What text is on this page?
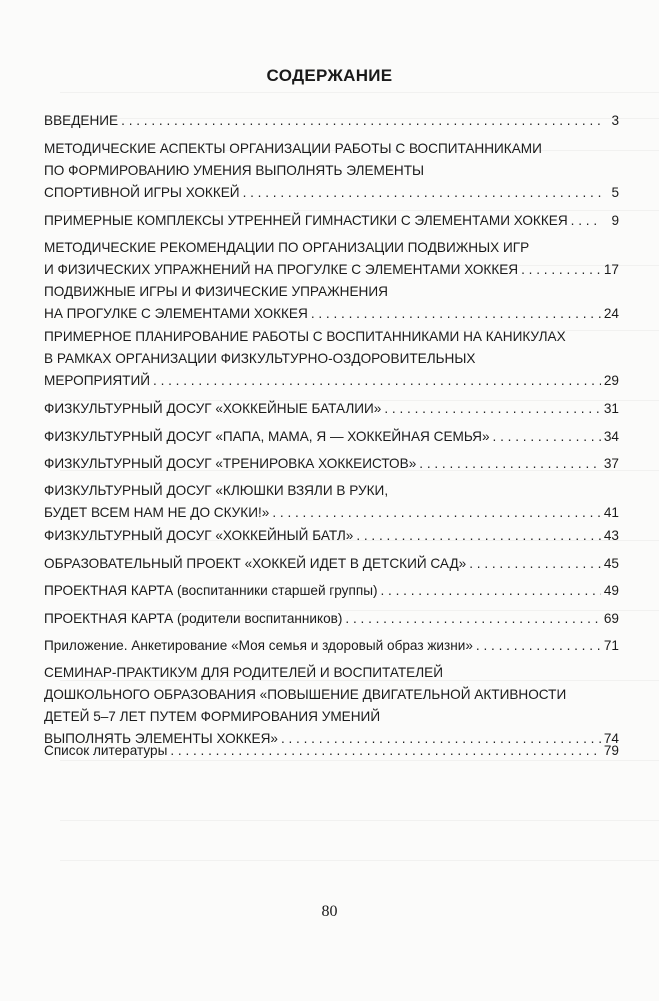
СОДЕРЖАНИЕ
ВВЕДЕНИЕ . . .	3
МЕТОДИЧЕСКИЕ АСПЕКТЫ ОРГАНИЗАЦИИ РАБОТЫ С ВОСПИТАННИКАМИ
ПО ФОРМИРОВАНИЮ УМЕНИЯ ВЫПОЛНЯТЬ ЭЛЕМЕНТЫ
СПОРТИВНОЙ ИГРЫ ХОККЕЙ . . .	5
ПРИМЕРНЫЕ КОМПЛЕКСЫ УТРЕННЕЙ ГИМНАСТИКИ С ЭЛЕМЕНТАМИ ХОККЕЯ . . .	9
МЕТОДИЧЕСКИЕ РЕКОМЕНДАЦИИ ПО ОРГАНИЗАЦИИ ПОДВИЖНЫХ ИГР
И ФИЗИЧЕСКИХ УПРАЖНЕНИЙ НА ПРОГУЛКЕ С ЭЛЕМЕНТАМИ ХОККЕЯ . . .	17
ПОДВИЖНЫЕ ИГРЫ И ФИЗИЧЕСКИЕ УПРАЖНЕНИЯ
НА ПРОГУЛКЕ С ЭЛЕМЕНТАМИ ХОККЕЯ . . .	24
ПРИМЕРНОЕ ПЛАНИРОВАНИЕ РАБОТЫ С ВОСПИТАННИКАМИ НА КАНИКУЛАХ
В РАМКАХ ОРГАНИЗАЦИИ ФИЗКУЛЬТУРНО-ОЗДОРОВИТЕЛЬНЫХ
МЕРОПРИЯТИЙ . . .	29
ФИЗКУЛЬТУРНЫЙ ДОСУГ «ХОККЕЙНЫЕ БАТАЛИИ» . . .	31
ФИЗКУЛЬТУРНЫЙ ДОСУГ «ПАПА, МАМА, Я — ХОККЕЙНАЯ СЕМЬЯ» . . .	34
ФИЗКУЛЬТУРНЫЙ ДОСУГ «ТРЕНИРОВКА ХОККЕИСТОВ» . . .	37
ФИЗКУЛЬТУРНЫЙ ДОСУГ «КЛЮШКИ ВЗЯЛИ В РУКИ,
БУДЕТ ВСЕМ НАМ НЕ ДО СКУКИ!» . . .	41
ФИЗКУЛЬТУРНЫЙ ДОСУГ «ХОККЕЙНЫЙ БАТЛ» . . .	43
ОБРАЗОВАТЕЛЬНЫЙ ПРОЕКТ «ХОККЕЙ ИДЕТ В ДЕТСКИЙ САД» . . .	45
ПРОЕКТНАЯ КАРТА (воспитанники старшей группы) . . .	49
ПРОЕКТНАЯ КАРТА (родители воспитанников) . . .	69
Приложение. Анкетирование «Моя семья и здоровый образ жизни» . . .	71
СЕМИНАР-ПРАКТИКУМ ДЛЯ РОДИТЕЛЕЙ И ВОСПИТАТЕЛЕЙ
ДОШКОЛЬНОГО ОБРАЗОВАНИЯ «ПОВЫШЕНИЕ ДВИГАТЕЛЬНОЙ АКТИВНОСТИ
ДЕТЕЙ 5–7 ЛЕТ ПУТЕМ ФОРМИРОВАНИЯ УМЕНИЙ
ВЫПОЛНЯТЬ ЭЛЕМЕНТЫ ХОККЕЯ» . . .	74
Список литературы . . .	79
80
